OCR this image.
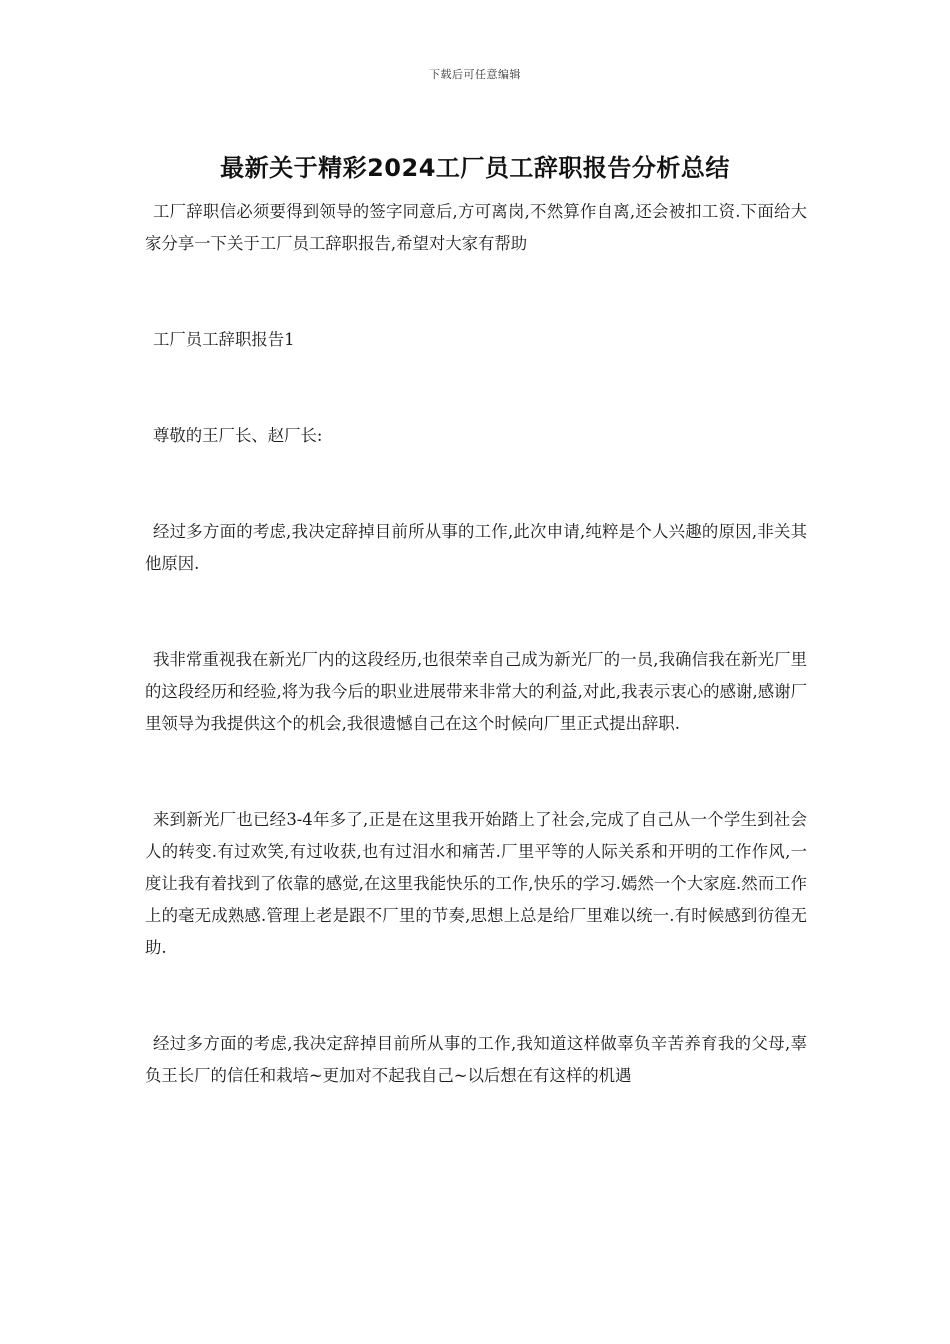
下载后可任意编辑
最新关于精彩2024工厂员工辞职报告分析总结

工厂辞职信必须要得到领导的签字同意后,方可离岗,不然算作自离,还会被扣工资.下面给大家分享一下关于工厂员工辞职报告,希望对大家有帮助

工厂员工辞职报告1

尊敬的王厂长、赵厂长:

经过多方面的考虑,我决定辞掉目前所从事的工作,此次申请,纯粹是个人兴趣的原因,非关其他原因.

我非常重视我在新光厂内的这段经历,也很荣幸自己成为新光厂的一员,我确信我在新光厂里的这段经历和经验,将为我今后的职业进展带来非常大的利益,对此,我表示衷心的感谢,感谢厂里领导为我提供这个的机会,我很遗憾自己在这个时候向厂里正式提出辞职.

来到新光厂也已经3-4年多了,正是在这里我开始踏上了社会,完成了自己从一个学生到社会人的转变.有过欢笑,有过收获,也有过泪水和痛苦.厂里平等的人际关系和开明的工作作风,一度让我有着找到了依靠的感觉,在这里我能快乐的工作,快乐的学习.嫣然一个大家庭.然而工作上的毫无成熟感.管理上老是跟不厂里的节奏,思想上总是给厂里难以统一.有时候感到彷徨无助.

经过多方面的考虑,我决定辞掉目前所从事的工作,我知道这样做辜负辛苦养育我的父母,辜负王长厂的信任和栽培~更加对不起我自己~以后想在有这样的机遇
